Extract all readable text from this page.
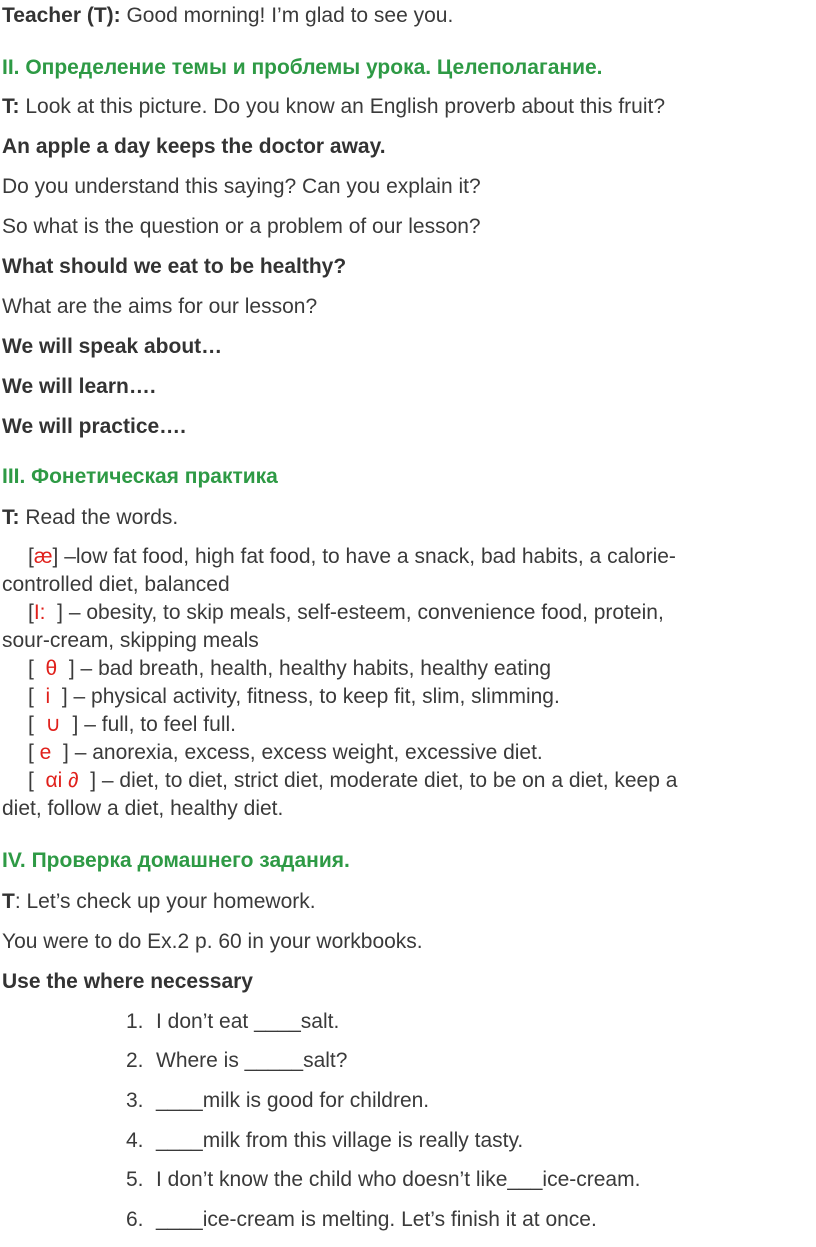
Teacher (T): Good morning! I’m glad to see you.
II. Определение темы и проблемы урока. Целеполагание.
T: Look at this picture. Do you know an English proverb about this fruit?
An apple a day keeps the doctor away.
Do you understand this saying? Can you explain it?
So what is the question or a problem of our lesson?
What should we eat to be healthy?
What are the aims for our lesson?
We will speak about…
We will learn….
We will practice….
III. Фонетическая практика
T: Read the words.
[æ] –low fat food, high fat food, to have a snack, bad habits, a calorie-
controlled diet, balanced
[I:  ] – obesity, to skip meals, self-esteem, convenience food, protein,
sour-cream, skipping meals
[  θ  ] – bad breath, health, healthy habits, healthy eating
[  i  ] – physical activity, fitness, to keep fit, slim, slimming.
[  ∪  ] – full, to feel full.
[ e  ] – anorexia, excess, excess weight, excessive diet.
[  αi ∂  ] – diet, to diet, strict diet, moderate diet, to be on a diet, keep a
diet, follow a diet, healthy diet.
IV. Проверка домашнего задания.
T: Let’s check up your homework.
You were to do Ex.2 p. 60 in your workbooks.
Use the where necessary
1. I don’t eat ____salt.
2. Where is _____salt?
3. ____milk is good for children.
4. ____milk from this village is really tasty.
5. I don’t know the child who doesn’t like___ice-cream.
6. ____ice-cream is melting. Let’s finish it at once.
